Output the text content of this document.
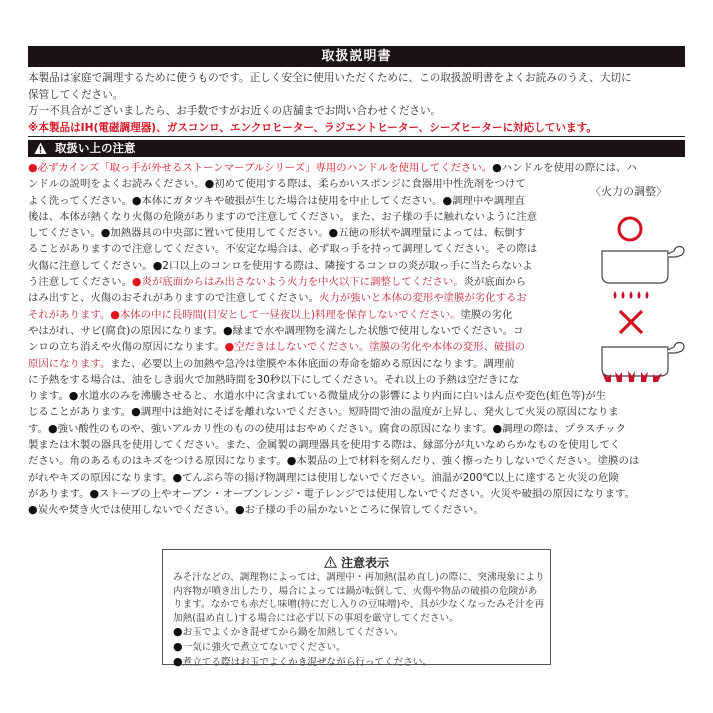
取扱説明書

本製品は家庭で調理するために使うものです。正しく安全に使用いただくために、この取扱説明書をよくお読みのうえ、大切に

保管してください。

万一不具合がございましたら、お手数ですがお近くの店舗までお問い合わせください。

※本製品はIH(電磁調理器)、ガスコンロ、エンクロヒーター、ラジエントヒーター、シーズヒーターに対応しています。

取扱い上の注意
●必ずカインズ「取っ手が外せるストーンマーブルシリーズ」専用のハンドルを使用してください。●ハンドルを使用の際には、ハ
ンドルの説明をよくお読みください。●初めて使用する際は、柔らかいスポンジに食器用中性洗剤をつけて
よく洗ってください。●本体にガタツキや破損が生じた場合は使用を中止してください。●調理中や調理直
後は、本体が熱くなり火傷の危険がありますので注意してください。また、お子様の手に触れないように注意
してください。●加熱器具の中央部に置いて使用してください。●五徳の形状や調理量によっては、転倒す
ることがありますので注意してください。不安定な場合は、必ず取っ手を持って調理してください。その際は
火傷に注意してください。●2口以上のコンロを使用する際は、隣接するコンロの炎が取っ手に当たらないよ
う注意してください。●炎が底面からはみ出さないよう火力を中火以下に調整してください。炎が底面から
はみ出すと、火傷のおそれがありますので注意してください。火力が強いと本体の変形や塗膜が劣化するお
それがあります。●本体の中に長時間(目安として一昼夜以上)料理を保存しないでください。塗膜の劣化
やはがれ、サビ(腐食)の原因になります。●縁まで水や調理物を満たした状態で使用しないでください。コ
ンロの立ち消えや火傷の原因になります。●空だきはしないでください。塗膜の劣化や本体の変形、破損の
原因になります。また、必要以上の加熱や急冷は塗膜や本体底面の寿命を縮める原因になります。調理前
に予熱をする場合は、油をしき弱火で加熱時間を30秒以下にしてください。それ以上の予熱は空だきにな
ります。●水道水のみを沸騰させると、水道水中に含まれている微量成分の影響により内面に白いはん点や変色(虹色等)が生
じることがあります。●調理中は絶対にそばを離れないでください。短時間で油の温度が上昇し、発火して火災の原因になりま
す。●強い酸性のものや、強いアルカリ性のものの使用はおやめください。腐食の原因になります。●調理の際は、プラスチック
製または木製の器具を使用してください。また、金属製の調理器具を使用する際は、縁部分が丸いなめらかなものを使用してく
ださい。角のあるものはキズをつける原因になります。●本製品の上で材料を刻んだり、強く擦ったりしないでください。塗膜のは
がれやキズの原因になります。●てんぷら等の揚げ物調理には使用しないでください。油温が200℃以上に達すると火災の危険
があります。●ストーブの上やオーブン・オーブンレンジ・電子レンジでは使用しないでください。火災や破損の原因になります。
●炭火や焚き火では使用しないでください。●お子様の手の届かないところに保管してください。
〈火力の調整〉
注意表示

みそ汁などの、調理物によっては、調理中・再加熱(温め直し)の際に、突沸現象により

内容物が噴き出したり、場合によっては鍋が転倒して、火傷や物品の破損の危険があ

ります。なかでも赤だし味噌(特にだし入りの豆味噌)や、具が少なくなったみそ汁を再

加熱(温め直し)する場合には必ず以下の事項を厳守してください。

●お玉でよくかき混ぜてから鍋を加熱してください。

●一気に強火で煮立てないでください。

●煮立てる際はお玉でよくかき混ぜながら行ってください。
